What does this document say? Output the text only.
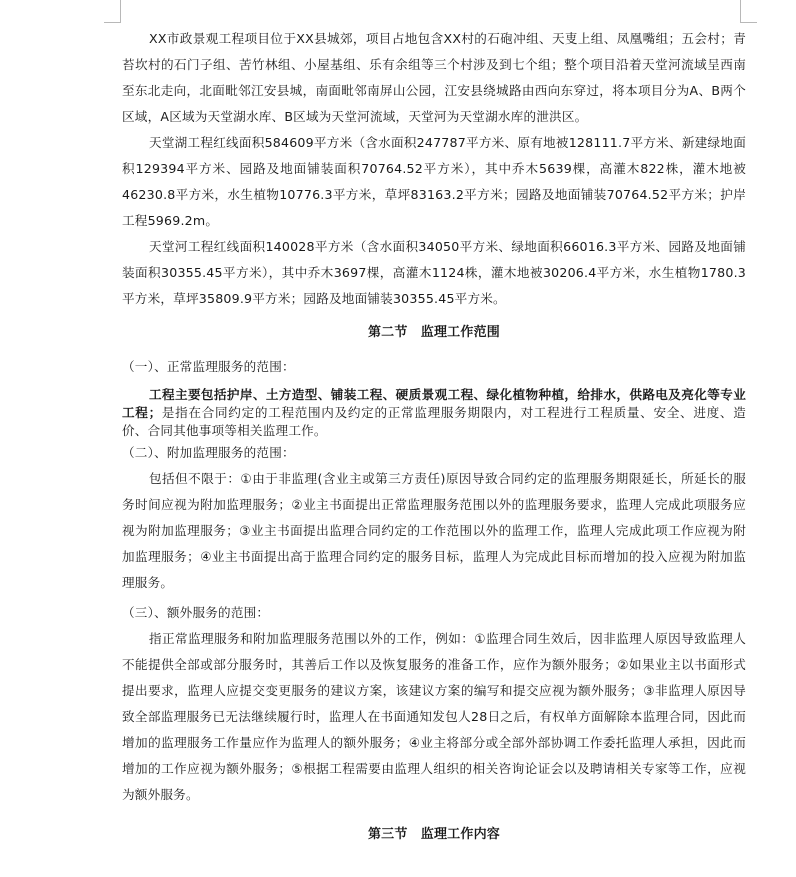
XX市政景观工程项目位于XX县城郊，项目占地包含XX村的石砲冲组、天叓上组、凤凰嘴组；五会村；青苔坎村的石门子组、苦竹林组、小屋基组、乐有余组等三个村涉及到七个组；整个项目沿着天堂河流域呈西南至东北走向，北面毗邻江安县城，南面毗邻南屏山公园，江安县绕城路由西向东穿过，将本项目分为A、B两个区域，A区域为天堂湖水库、B区域为天堂河流域，天堂河为天堂湖水库的泄洪区。

天堂湖工程红线面积584609平方米（含水面积247787平方米、原有地被128111.7平方米、新建绿地面积129394平方米、园路及地面铺装面积70764.52平方米），其中乔木5639棵，高灌木822株，灌木地被46230.8平方米，水生植物10776.3平方米，草坪83163.2平方米；园路及地面铺装70764.52平方米；护岸工程5969.2m。

天堂河工程红线面积140028平方米（含水面积34050平方米、绿地面积66016.3平方米、园路及地面铺装面积30355.45平方米），其中乔木3697棵，高灌木1124株，灌木地被30206.4平方米，水生植物1780.3平方米，草坪35809.9平方米；园路及地面铺装30355.45平方米。

第二节　监理工作范围

（一）、正常监理服务的范围：

工程主要包括护岸、土方造型、铺装工程、硬质景观工程、绿化植物种植，给排水，供路电及亮化等专业工程；是指在合同约定的工程范围内及约定的正常监理服务期限内，对工程进行工程质量、安全、进度、造价、合同其他事项等相关监理工作。

（二）、附加监理服务的范围：

包括但不限于：①由于非监理(含业主或第三方责任)原因导致合同约定的监理服务期限延长，所延长的服务时间应视为附加监理服务；②业主书面提出正常监理服务范围以外的监理服务要求，监理人完成此项服务应视为附加监理服务；③业主书面提出监理合同约定的工作范围以外的监理工作，监理人完成此项工作应视为附加监理服务；④业主书面提出高于监理合同约定的服务目标，监理人为完成此目标而增加的投入应视为附加监理服务。

（三）、额外服务的范围：

指正常监理服务和附加监理服务范围以外的工作，例如：①监理合同生效后，因非监理人原因导致监理人不能提供全部或部分服务时，其善后工作以及恢复服务的准备工作，应作为额外服务；②如果业主以书面形式提出要求，监理人应提交变更服务的建议方案，该建议方案的编写和提交应视为额外服务；③非监理人原因导致全部监理服务已无法继续履行时，监理人在书面通知发包人28日之后，有权单方面解除本监理合同，因此而增加的监理服务工作量应作为监理人的额外服务；④业主将部分或全部外部协调工作委托监理人承担，因此而增加的工作应视为额外服务；⑤根据工程需要由监理人组织的相关咨询论证会以及聘请相关专家等工作，应视为额外服务。

第三节　监理工作内容
